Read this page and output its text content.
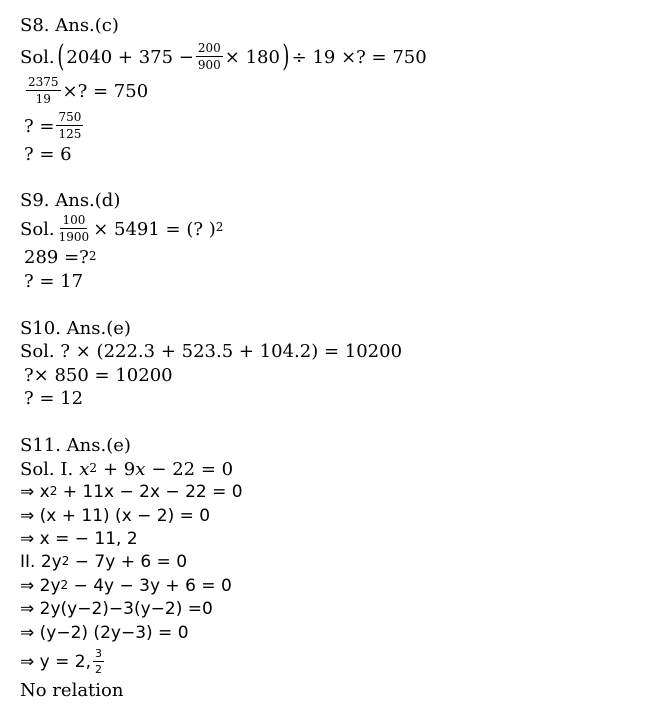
S8. Ans.(c)
Sol. ( $2040 + 375 - \frac{200}{900} \times 180$ ) ÷ 19 ×? = 750
$\frac{2375}{19}$ ×? = 750
? = $\frac{750}{125}$
? = 6
S9. Ans.(d)
Sol. $\frac{100}{1900} \times 5491$ = (? )$^2$
289 =?$^2$
? = 17
S10. Ans.(e)
Sol. ? × (222.3 + 523.5 + 104.2) = 10200
?× 850 = 10200
? = 12
S11. Ans.(e)
Sol. I. $x^2 + 9$ x − 22 = 0
⇒ $x^2 + 11x - 2x - 22 = 0$
⇒ (x + 11) (x − 2) = 0
⇒ x = − 11, 2
II. $2y^2 - 7y + 6 = 0$
⇒ $2y^2 - 4y - 3y + 6 = 0$
⇒ 2y(y−2)−3(y−2) =0
⇒ (y−2) (2y−3) = 0
⇒ y = 2, $\frac{3}{2}$
No relation
